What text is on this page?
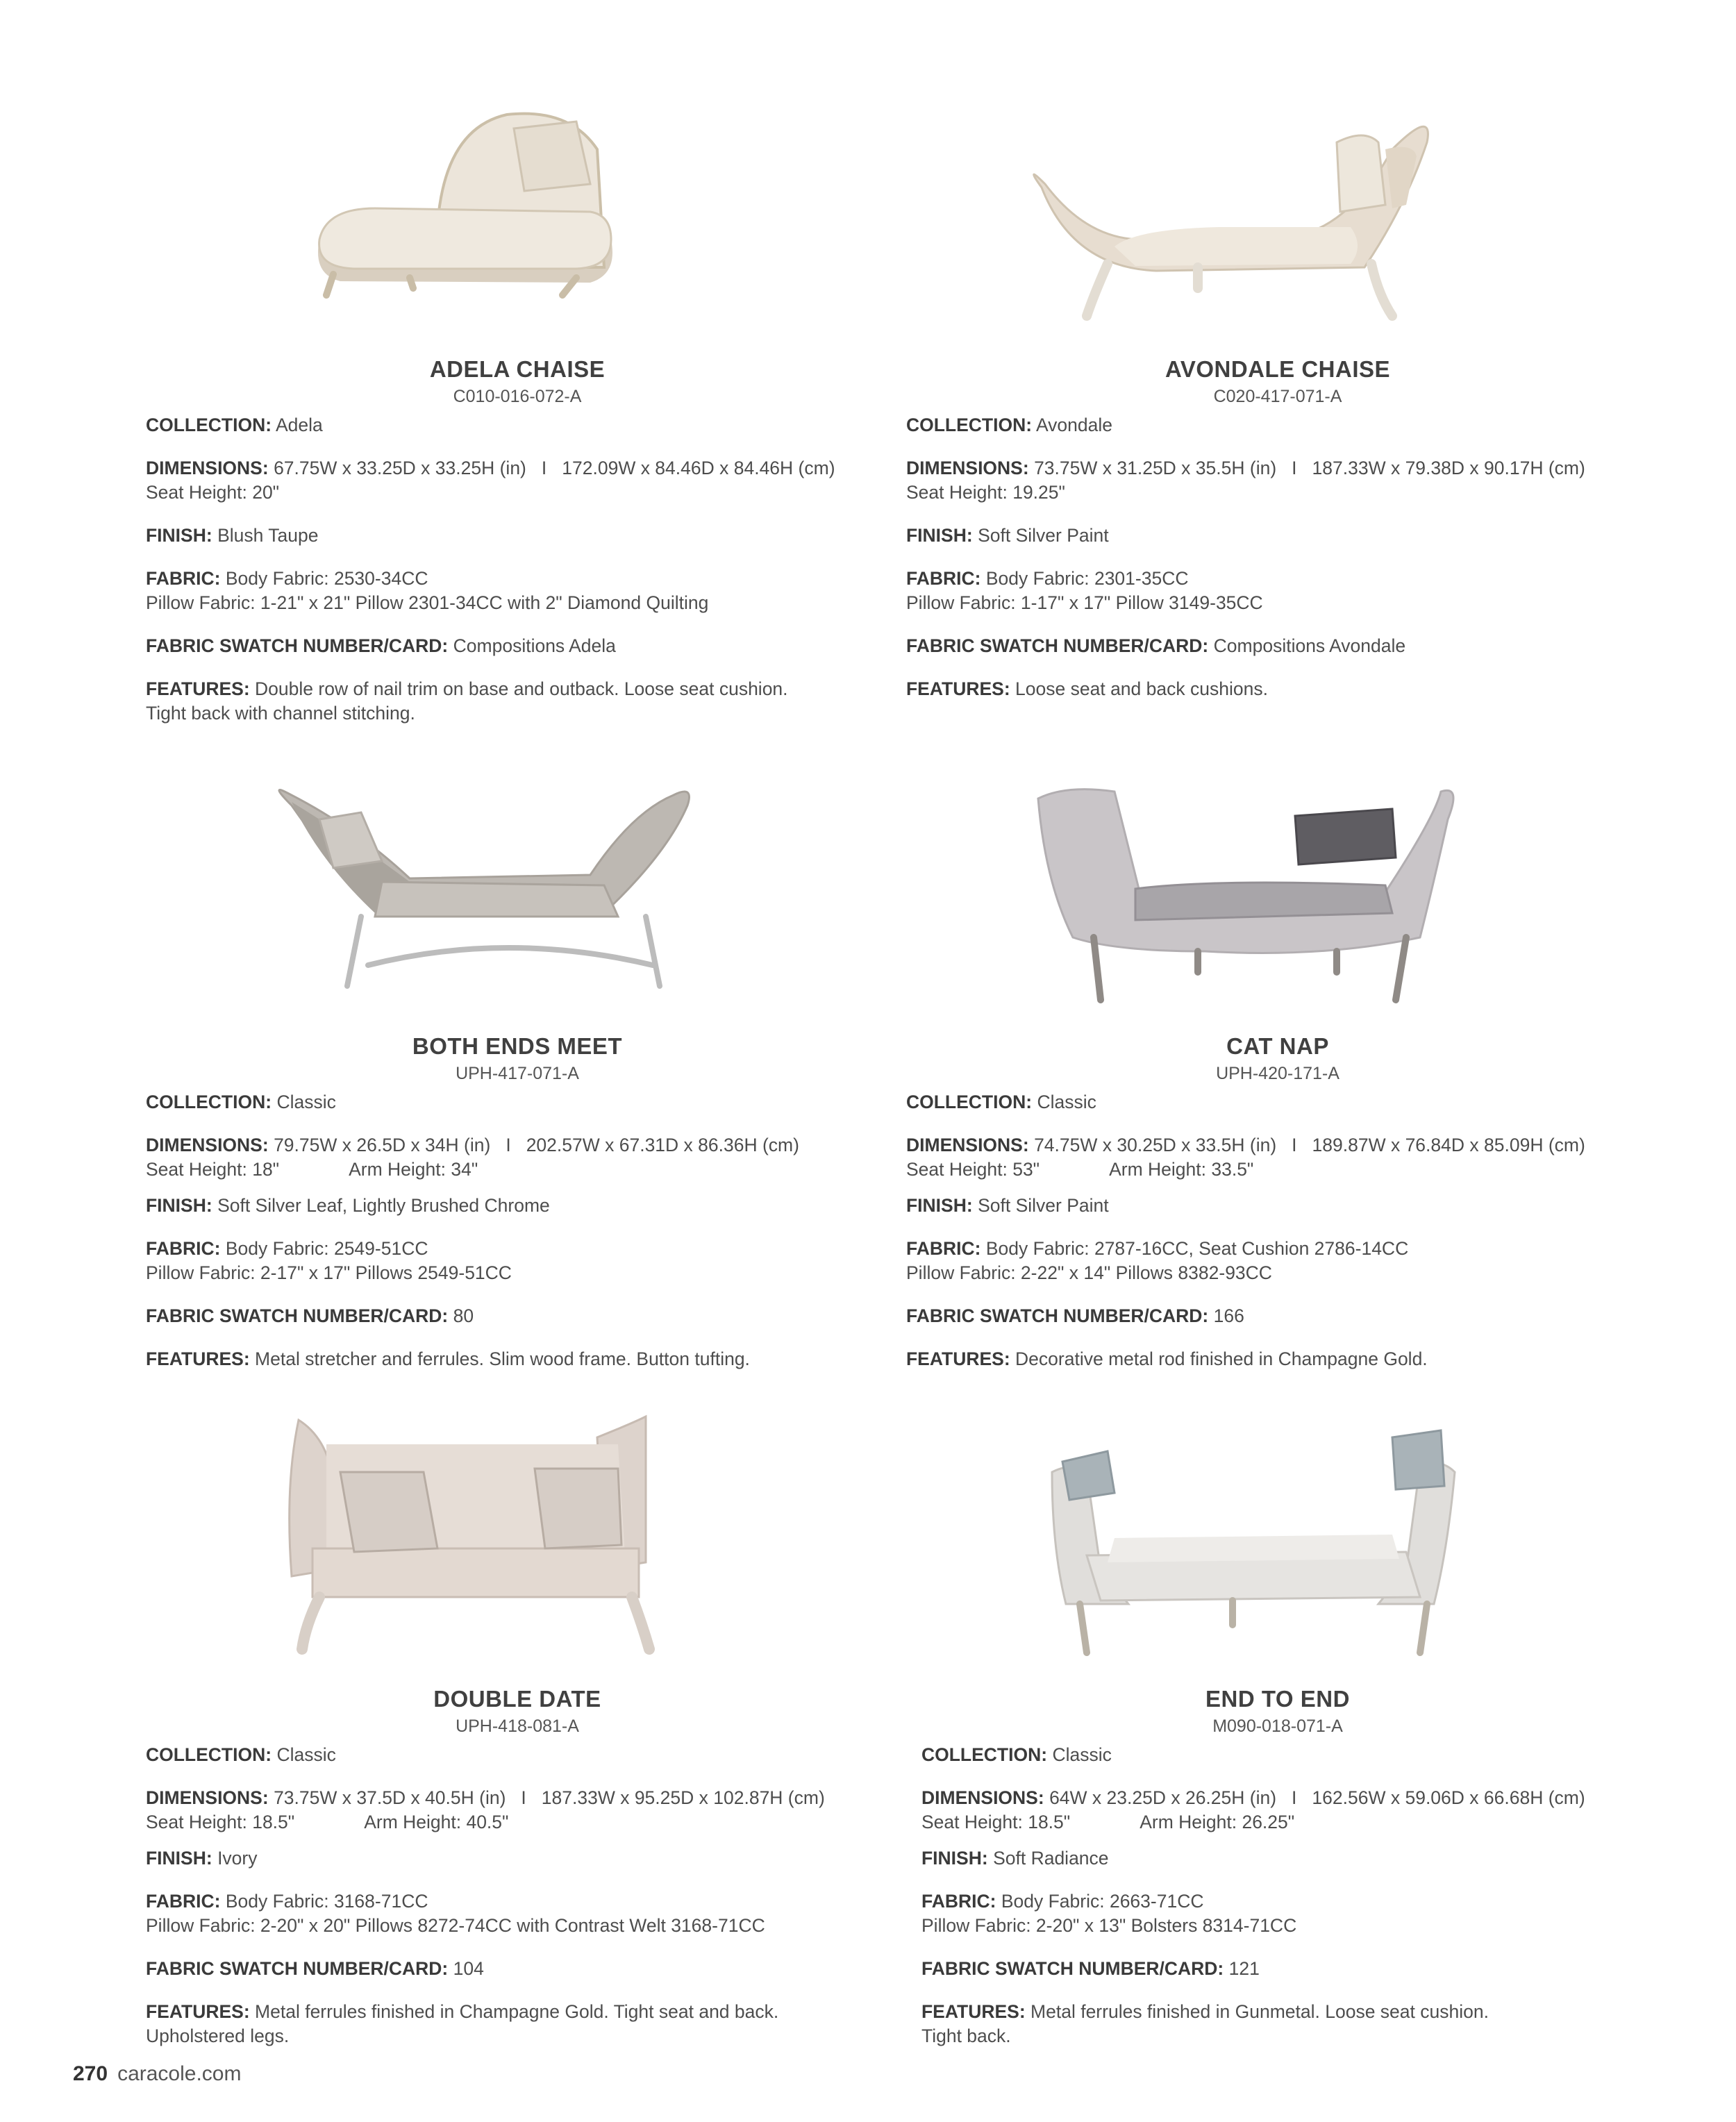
ADELA CHAISE
C010-016-072-A
COLLECTION: Adela
DIMENSIONS: 67.75W x 33.25D x 33.25H (in) I 172.09W x 84.46D x 84.46H (cm)
Seat Height: 20"
FINISH: Blush Taupe
FABRIC: Body Fabric: 2530-34CC
Pillow Fabric: 1-21" x 21" Pillow 2301-34CC with 2" Diamond Quilting
FABRIC SWATCH NUMBER/CARD: Compositions Adela
FEATURES: Double row of nail trim on base and outback. Loose seat cushion.
Tight back with channel stitching.
AVONDALE CHAISE
C020-417-071-A
COLLECTION: Avondale
DIMENSIONS: 73.75W x 31.25D x 35.5H (in) I 187.33W x 79.38D x 90.17H (cm)
Seat Height: 19.25"
FINISH: Soft Silver Paint
FABRIC: Body Fabric: 2301-35CC
Pillow Fabric: 1-17" x 17" Pillow 3149-35CC
FABRIC SWATCH NUMBER/CARD: Compositions Avondale
FEATURES: Loose seat and back cushions.
BOTH ENDS MEET
UPH-417-071-A
COLLECTION: Classic
DIMENSIONS: 79.75W x 26.5D x 34H (in) I 202.57W x 67.31D x 86.36H (cm)
Seat Height: 18"	Arm Height: 34"
FINISH: Soft Silver Leaf, Lightly Brushed Chrome
FABRIC: Body Fabric: 2549-51CC
Pillow Fabric: 2-17" x 17" Pillows 2549-51CC
FABRIC SWATCH NUMBER/CARD: 80
FEATURES: Metal stretcher and ferrules. Slim wood frame. Button tufting.
CAT NAP
UPH-420-171-A
COLLECTION: Classic
DIMENSIONS: 74.75W x 30.25D x 33.5H (in) I 189.87W x 76.84D x 85.09H (cm)
Seat Height: 53"	Arm Height: 33.5"
FINISH: Soft Silver Paint
FABRIC: Body Fabric: 2787-16CC, Seat Cushion 2786-14CC
Pillow Fabric: 2-22" x 14" Pillows 8382-93CC
FABRIC SWATCH NUMBER/CARD: 166
FEATURES: Decorative metal rod finished in Champagne Gold.
DOUBLE DATE
UPH-418-081-A
COLLECTION: Classic
DIMENSIONS: 73.75W x 37.5D x 40.5H (in) I 187.33W x 95.25D x 102.87H (cm)
Seat Height: 18.5"	Arm Height: 40.5"
FINISH: Ivory
FABRIC: Body Fabric: 3168-71CC
Pillow Fabric: 2-20" x 20" Pillows 8272-74CC with Contrast Welt 3168-71CC
FABRIC SWATCH NUMBER/CARD: 104
FEATURES: Metal ferrules finished in Champagne Gold. Tight seat and back.
Upholstered legs.
END TO END
M090-018-071-A
COLLECTION: Classic
DIMENSIONS: 64W x 23.25D x 26.25H (in) I 162.56W x 59.06D x 66.68H (cm)
Seat Height: 18.5"	Arm Height: 26.25"
FINISH: Soft Radiance
FABRIC: Body Fabric: 2663-71CC
Pillow Fabric: 2-20" x 13" Bolsters 8314-71CC
FABRIC SWATCH NUMBER/CARD: 121
FEATURES: Metal ferrules finished in Gunmetal. Loose seat cushion.
Tight back.
270 caracole.com
